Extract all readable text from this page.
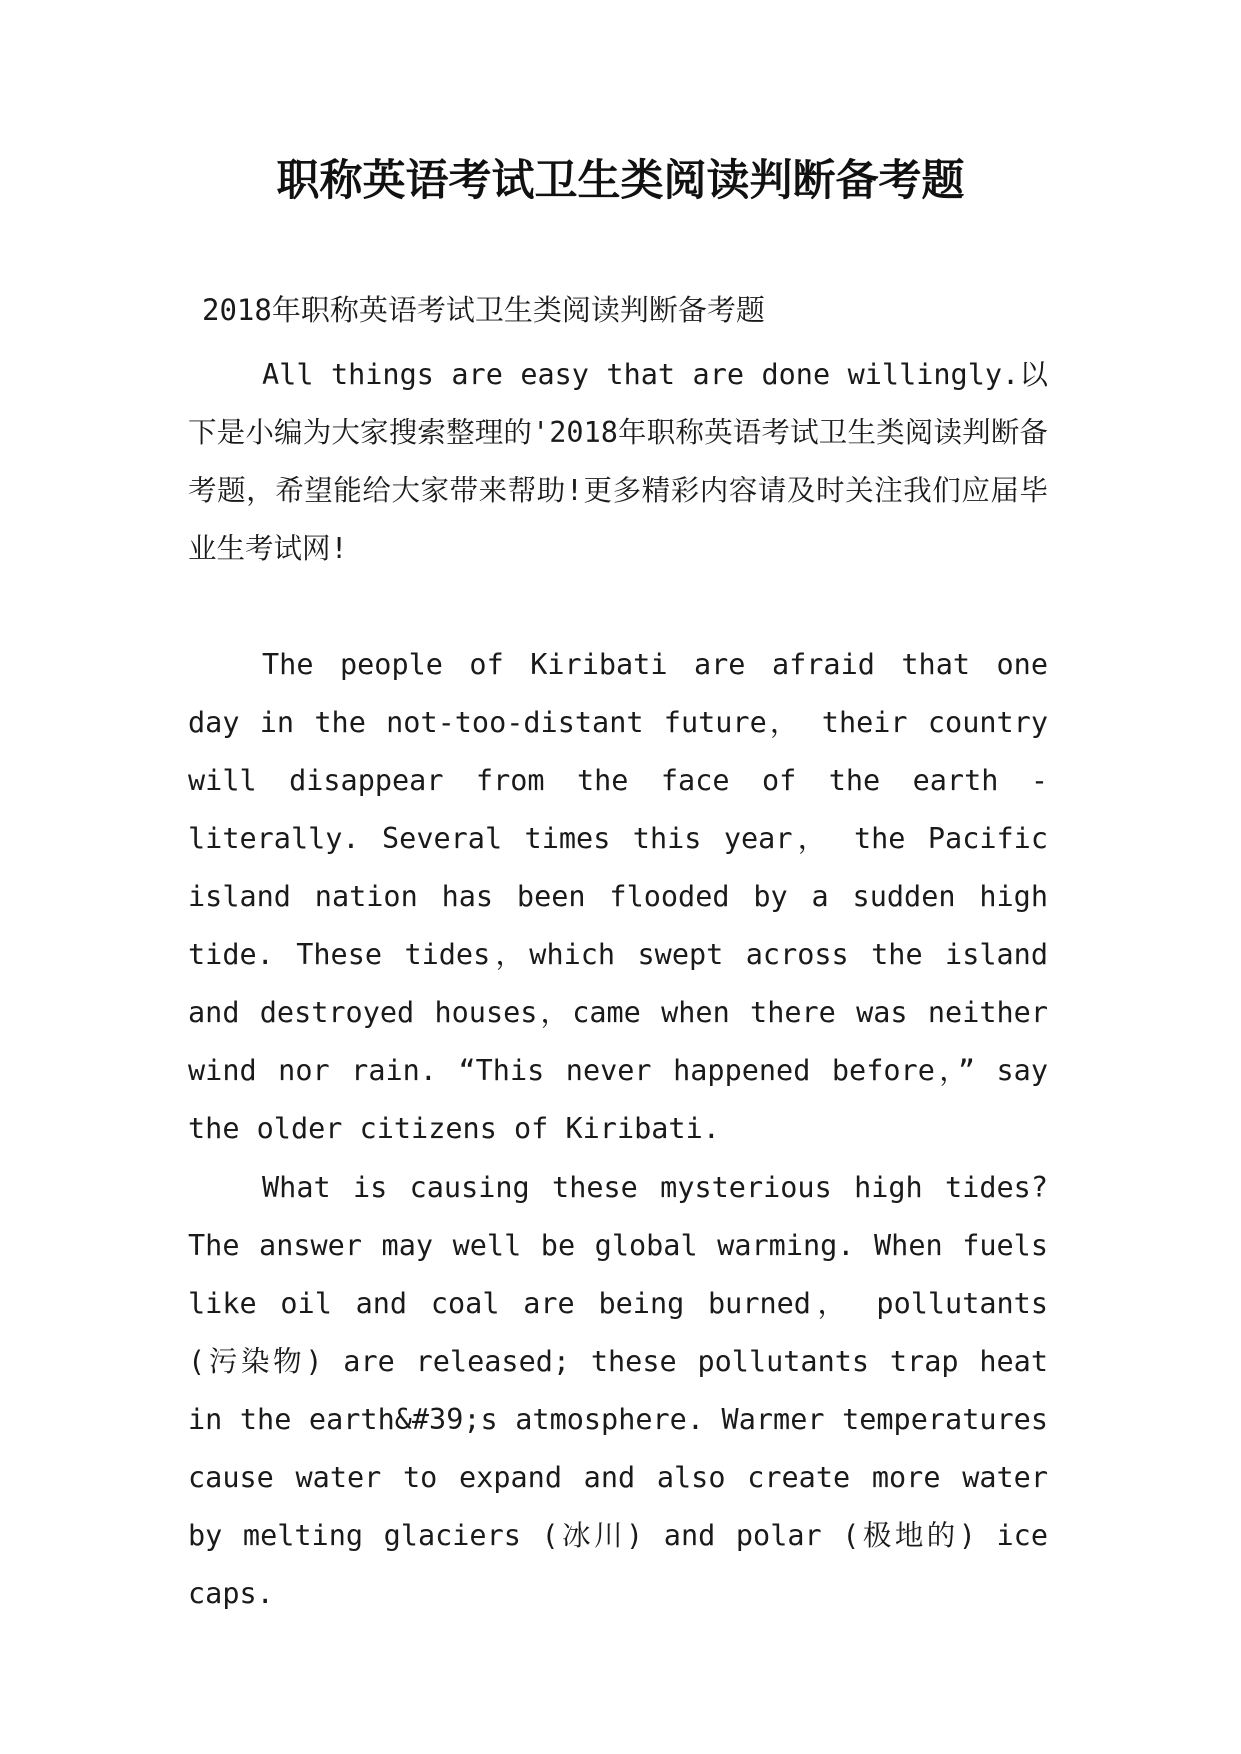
职称英语考试卫生类阅读判断备考题
2018年职称英语考试卫生类阅读判断备考题

All things are easy that are done willingly.以下是小编为大家搜索整理的'2018年职称英语考试卫生类阅读判断备考题，希望能给大家带来帮助!更多精彩内容请及时关注我们应届毕业生考试网!

The people of Kiribati are afraid that one day in the not-too-distant future， their country will disappear from the face of the earth - literally. Several times this year， the Pacific island nation has been flooded by a sudden high tide. These tides，which swept across the island and destroyed houses，came when there was neither wind nor rain. “This never happened before，” say the older citizens of Kiribati.

What is causing these mysterious high tides? The answer may well be global warming. When fuels like oil and coal are being burned， pollutants (污染物) are released; these pollutants trap heat in the earth&#39;s atmosphere. Warmer temperatures cause water to expand and also create more water by melting glaciers (冰川) and polar (极地的) ice caps.
